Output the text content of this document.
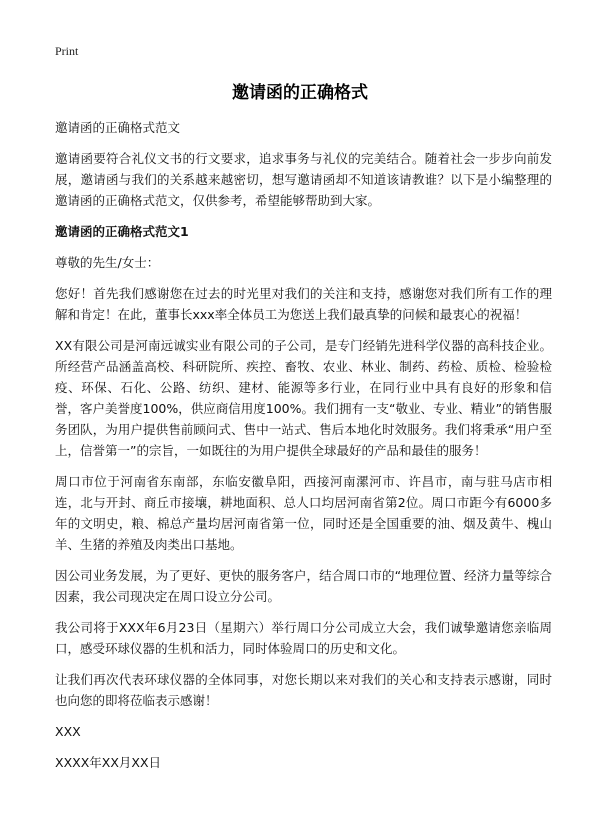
Print
邀请函的正确格式

邀请函的正确格式范文

邀请函要符合礼仪文书的行文要求，追求事务与礼仪的完美结合。随着社会一步步向前发展，邀请函与我们的关系越来越密切，想写邀请函却不知道该请教谁？以下是小编整理的邀请函的正确格式范文，仅供参考，希望能够帮助到大家。

邀请函的正确格式范文1

尊敬的先生/女士：

您好！首先我们感谢您在过去的时光里对我们的关注和支持，感谢您对我们所有工作的理解和肯定！在此，董事长xxx率全体员工为您送上我们最真挚的问候和最衷心的祝福！

XX有限公司是河南远诚实业有限公司的子公司，是专门经销先进科学仪器的高科技企业。所经营产品涵盖高校、科研院所、疾控、畜牧、农业、林业、制药、药检、质检、检验检疫、环保、石化、公路、纺织、建材、能源等多行业，在同行业中具有良好的形象和信誉，客户美誉度100%，供应商信用度100%。我们拥有一支“敬业、专业、精业”的销售服务团队，为用户提供售前顾问式、售中一站式、售后本地化时效服务。我们将秉承“用户至上，信誉第一”的宗旨，一如既往的为用户提供全球最好的产品和最佳的服务！

周口市位于河南省东南部，东临安徽阜阳，西接河南漯河市、许昌市，南与驻马店市相连，北与开封、商丘市接壤，耕地面积、总人口均居河南省第2位。周口市距今有6000多年的文明史，粮、棉总产量均居河南省第一位，同时还是全国重要的油、烟及黄牛、槐山羊、生猪的养殖及肉类出口基地。

因公司业务发展，为了更好、更快的服务客户，结合周口市的“地理位置、经济力量等综合因素，我公司现决定在周口设立分公司。

我公司将于XXX年6月23日（星期六）举行周口分公司成立大会，我们诚挚邀请您亲临周口，感受环球仪器的生机和活力，同时体验周口的历史和文化。

让我们再次代表环球仪器的全体同事，对您长期以来对我们的关心和支持表示感谢，同时也向您的即将莅临表示感谢！

XXX

XXXX年XX月XX日
